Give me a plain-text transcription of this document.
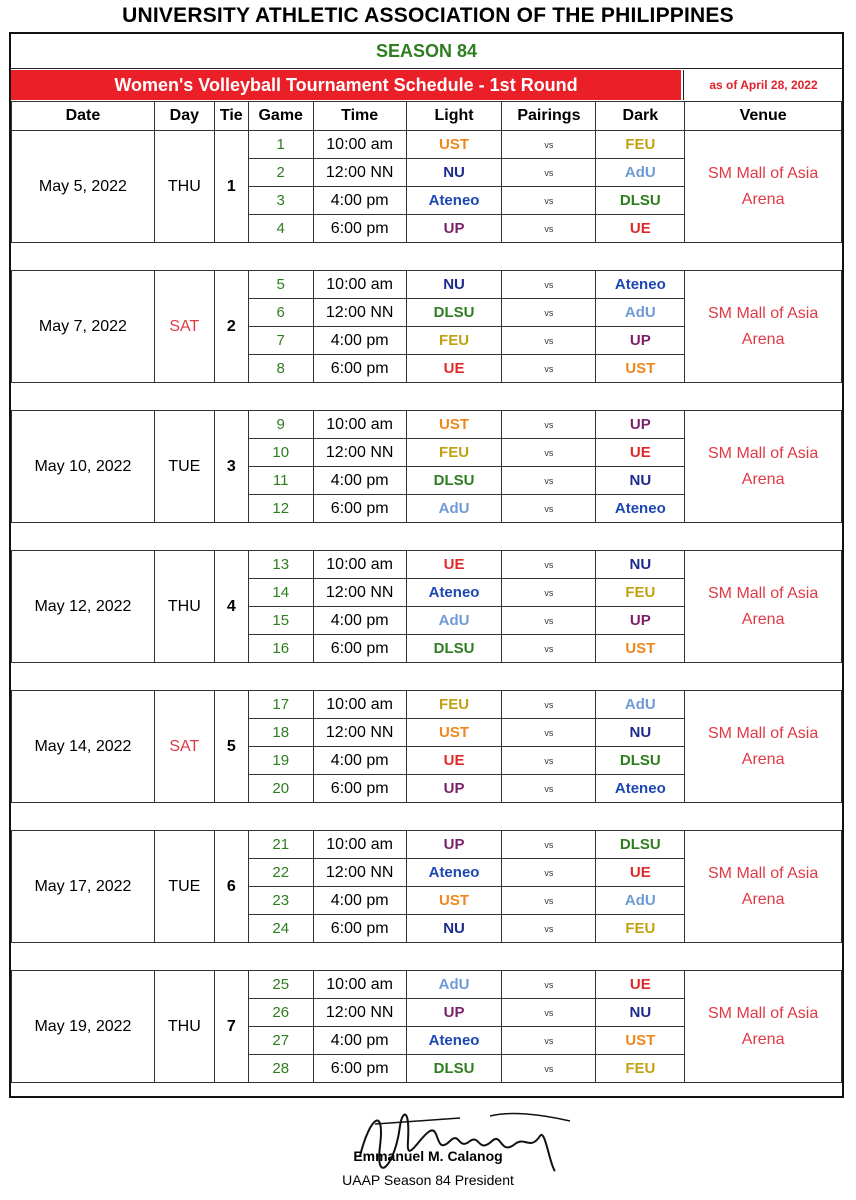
UNIVERSITY ATHLETIC ASSOCIATION OF THE PHILIPPINES
SEASON 84
Women's Volleyball Tournament Schedule - 1st Round	as of April 28, 2022
Date	Day	Tie	Game	Time	Light	Pairings	Dark	Venue
May 5, 2022	THU	1	1	10:00 am	UST	vs	FEU	SM Mall of Asia
Arena

			2	12:00 NN	NU	vs	AdU	
			3	4:00 pm	Ateneo	vs	DLSU	
			4	6:00 pm	UP	vs	UE	

May 7, 2022	SAT	2	5	10:00 am	NU	vs	Ateneo	SM Mall of Asia
Arena

			6	12:00 NN	DLSU	vs	AdU	
			7	4:00 pm	FEU	vs	UP	
			8	6:00 pm	UE	vs	UST	

May 10, 2022	TUE	3	9	10:00 am	UST	vs	UP	SM Mall of Asia
Arena

			10	12:00 NN	FEU	vs	UE	
			11	4:00 pm	DLSU	vs	NU	
			12	6:00 pm	AdU	vs	Ateneo	

May 12, 2022	THU	4	13	10:00 am	UE	vs	NU	SM Mall of Asia
Arena

			14	12:00 NN	Ateneo	vs	FEU	
			15	4:00 pm	AdU	vs	UP	
			16	6:00 pm	DLSU	vs	UST	

May 14, 2022	SAT	5	17	10:00 am	FEU	vs	AdU	SM Mall of Asia
Arena

			18	12:00 NN	UST	vs	NU	
			19	4:00 pm	UE	vs	DLSU	
			20	6:00 pm	UP	vs	Ateneo	

May 17, 2022	TUE	6	21	10:00 am	UP	vs	DLSU	SM Mall of Asia
Arena

			22	12:00 NN	Ateneo	vs	UE	
			23	4:00 pm	UST	vs	AdU	
			24	6:00 pm	NU	vs	FEU	

May 19, 2022	THU	7	25	10:00 am	AdU	vs	UE	SM Mall of Asia
Arena

			26	12:00 NN	UP	vs	NU	
			27	4:00 pm	Ateneo	vs	UST	
			28	6:00 pm	DLSU	vs	FEU	
Emmanuel M. Calanog
UAAP Season 84 President
